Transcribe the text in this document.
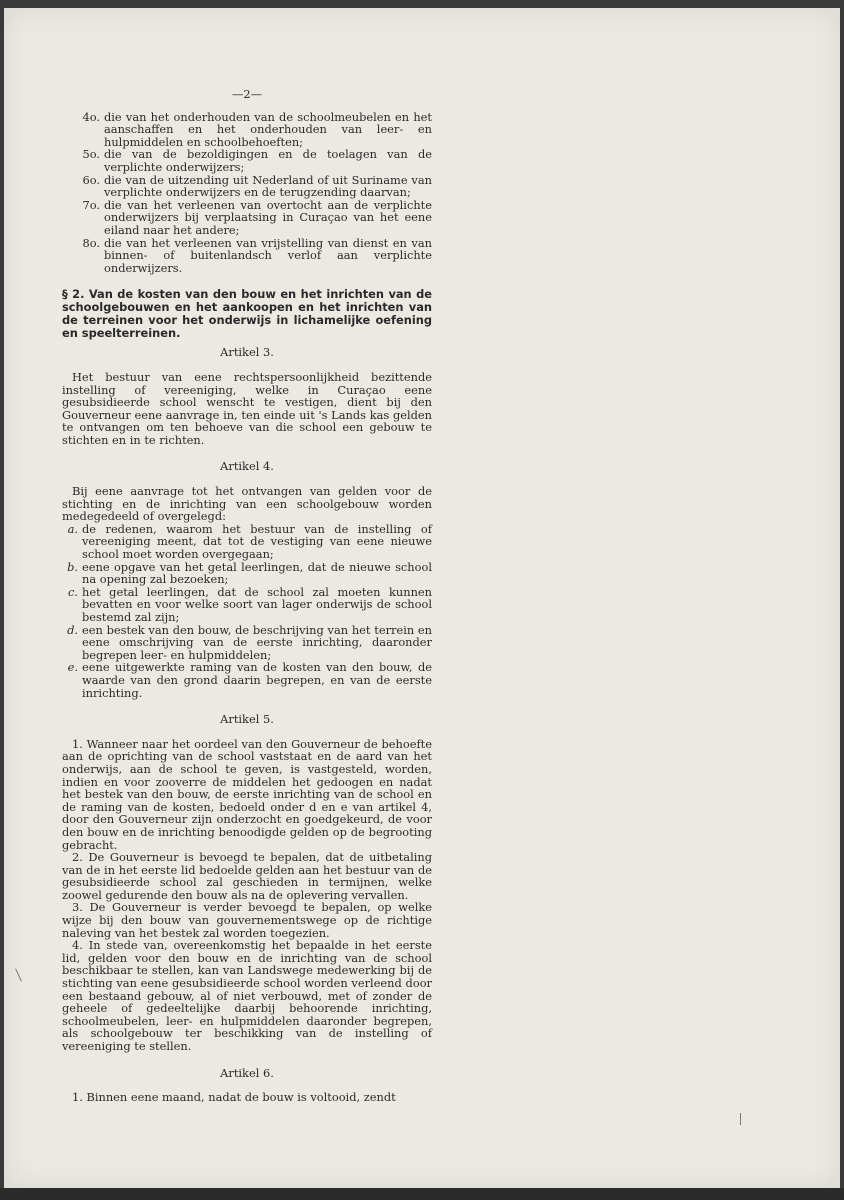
—2—
4o. die van het onderhouden van de schoolmeubelen en het aanschaffen en het onderhouden van leer- en hulpmiddelen en schoolbehoeften;
5o. die van de bezoldigingen en de toelagen van de verplichte onderwijzers;
6o. die van de uitzending uit Nederland of uit Suriname van verplichte onderwijzers en de terugzending daarvan;
7o. die van het verleenen van overtocht aan de verplichte onderwijzers bij verplaatsing in Curaçao van het eene eiland naar het andere;
8o. die van het verleenen van vrijstelling van dienst en van binnen- of buitenlandsch verlof aan verplichte onderwijzers.
§ 2. Van de kosten van den bouw en het inrichten van de schoolgebouwen en het aankoopen en het inrichten van de terreinen voor het onderwijs in lichamelijke oefening en speelterreinen.
Artikel 3.
Het bestuur van eene rechtspersoonlijkheid bezittende instelling of vereeniging, welke in Curaçao eene gesubsidieerde school wenscht te vestigen, dient bij den Gouverneur eene aanvrage in, ten einde uit 's Lands kas gelden te ontvangen om ten behoeve van die school een gebouw te stichten en in te richten.
Artikel 4.
Bij eene aanvrage tot het ontvangen van gelden voor de stichting en de inrichting van een schoolgebouw worden medegedeeld of overgelegd:
a. de redenen, waarom het bestuur van de instelling of vereeniging meent, dat tot de vestiging van eene nieuwe school moet worden overgegaan;
b. eene opgave van het getal leerlingen, dat de nieuwe school na opening zal bezoeken;
c. het getal leerlingen, dat de school zal moeten kunnen bevatten en voor welke soort van lager onderwijs de school bestemd zal zijn;
d. een bestek van den bouw, de beschrijving van het terrein en eene omschrijving van de eerste inrichting, daaronder begrepen leer- en hulpmiddelen;
e. eene uitgewerkte raming van de kosten van den bouw, de waarde van den grond daarin begrepen, en van de eerste inrichting.
Artikel 5.
1. Wanneer naar het oordeel van den Gouverneur de behoefte aan de oprichting van de school vaststaat en de aard van het onderwijs, aan de school te geven, is vastgesteld, worden, indien en voor zooverre de middelen het gedoogen en nadat het bestek van den bouw, de eerste inrichting van de school en de raming van de kosten, bedoeld onder d en e van artikel 4, door den Gouverneur zijn onderzocht en goedgekeurd, de voor den bouw en de inrichting benoodigde gelden op de begrooting gebracht.
2. De Gouverneur is bevoegd te bepalen, dat de uitbetaling van de in het eerste lid bedoelde gelden aan het bestuur van de gesubsidieerde school zal geschieden in termijnen, welke zoowel gedurende den bouw als na de oplevering vervallen.
3. De Gouverneur is verder bevoegd te bepalen, op welke wijze bij den bouw van gouvernementswege op de richtige naleving van het bestek zal worden toegezien.
4. In stede van, overeenkomstig het bepaalde in het eerste lid, gelden voor den bouw en de inrichting van de school beschikbaar te stellen, kan van Landswege medewerking bij de stichting van eene gesubsidieerde school worden verleend door een bestaand gebouw, al of niet verbouwd, met of zonder de geheele of gedeeltelijke daarbij behoorende inrichting, schoolmeubelen, leer- en hulpmiddelen daaronder begrepen, als schoolgebouw ter beschikking van de instelling of vereeniging te stellen.
Artikel 6.
1. Binnen eene maand, nadat de bouw is voltooid, zendt
